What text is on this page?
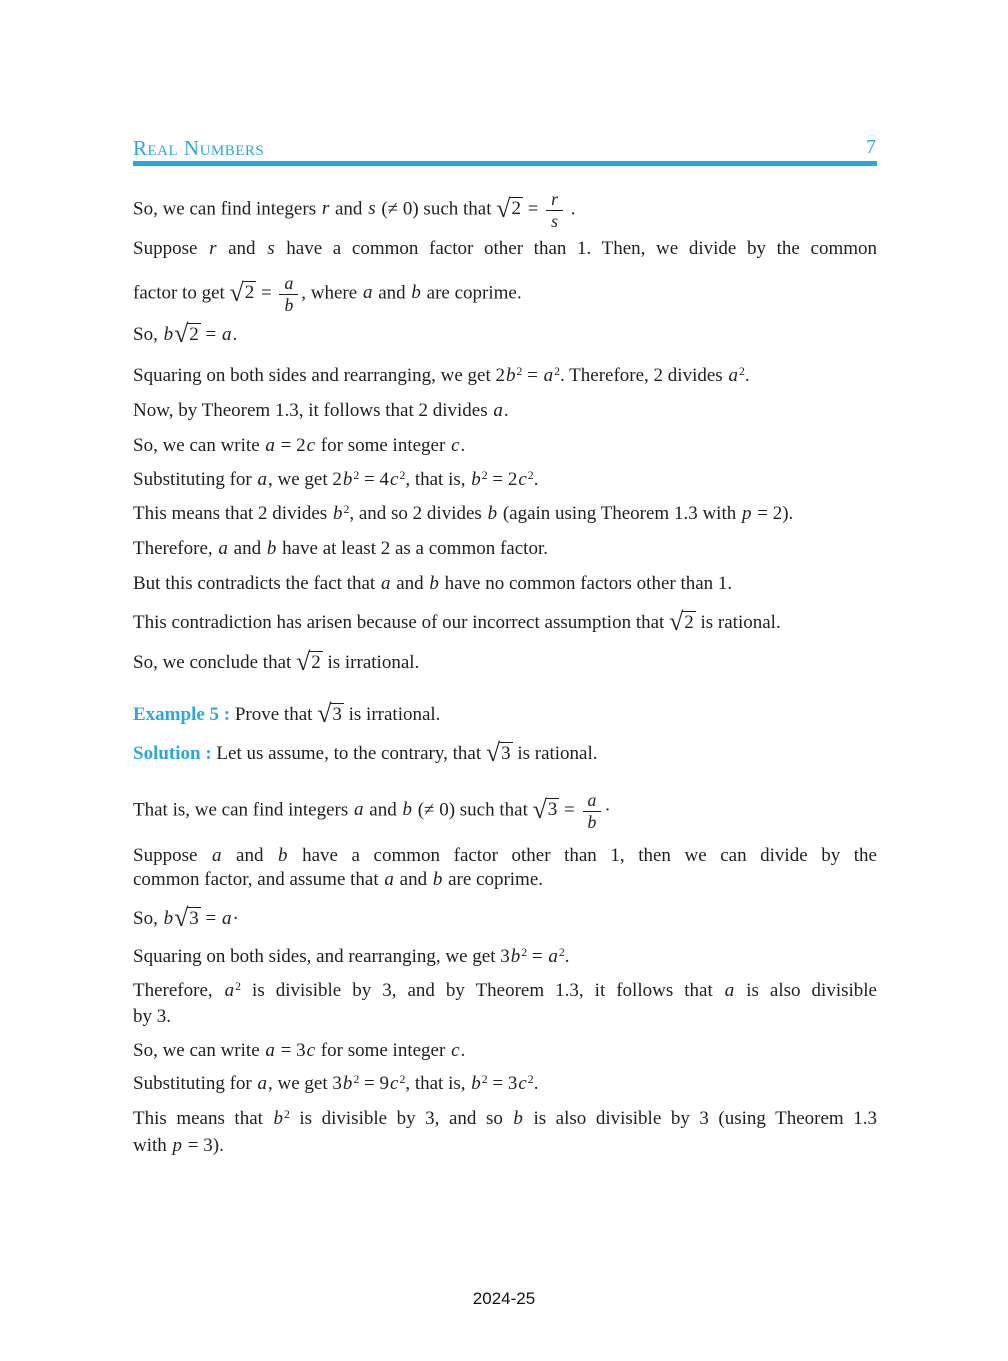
Real Numbers	7
So, we can find integers r and s (≠ 0) such that $√2 = \frac{r}{s}$ .
Suppose r and s have a common factor other than 1. Then, we divide by the common
factor to get $√2 = \frac{a}{b}$ , where a and b are coprime.
So, b√2 = a.
Squaring on both sides and rearranging, we get $2b^2 = a^2$. Therefore, 2 divides $a^2$.
Now, by Theorem 1.3, it follows that 2 divides a.
So, we can write a = 2c for some integer c.
Substituting for a, we get $2b^2 = 4c^2$, that is, $b^2 = 2c^2$.
This means that 2 divides $b^2$, and so 2 divides b (again using Theorem 1.3 with p = 2).
Therefore, a and b have at least 2 as a common factor.
But this contradicts the fact that a and b have no common factors other than 1.
This contradiction has arisen because of our incorrect assumption that √2 is rational.
So, we conclude that √2 is irrational.
Example 5 : Prove that √3 is irrational.
Solution : Let us assume, to the contrary, that √3 is rational.
That is, we can find integers a and b (≠ 0) such that $√3 = \frac{a}{b}$ ·
Suppose a and b have a common factor other than 1, then we can divide by the
common factor, and assume that a and b are coprime.
So, b√3 = a·
Squaring on both sides, and rearranging, we get $3b^2 = a^2$.
Therefore, $a^2$ is divisible by 3, and by Theorem 1.3, it follows that a is also divisible
by 3.
So, we can write a = 3c for some integer c.
Substituting for a, we get $3b^2 = 9c^2$, that is, $b^2 = 3c^2$.
This means that $b^2$ is divisible by 3, and so b is also divisible by 3 (using Theorem 1.3
with p = 3).
2024-25
